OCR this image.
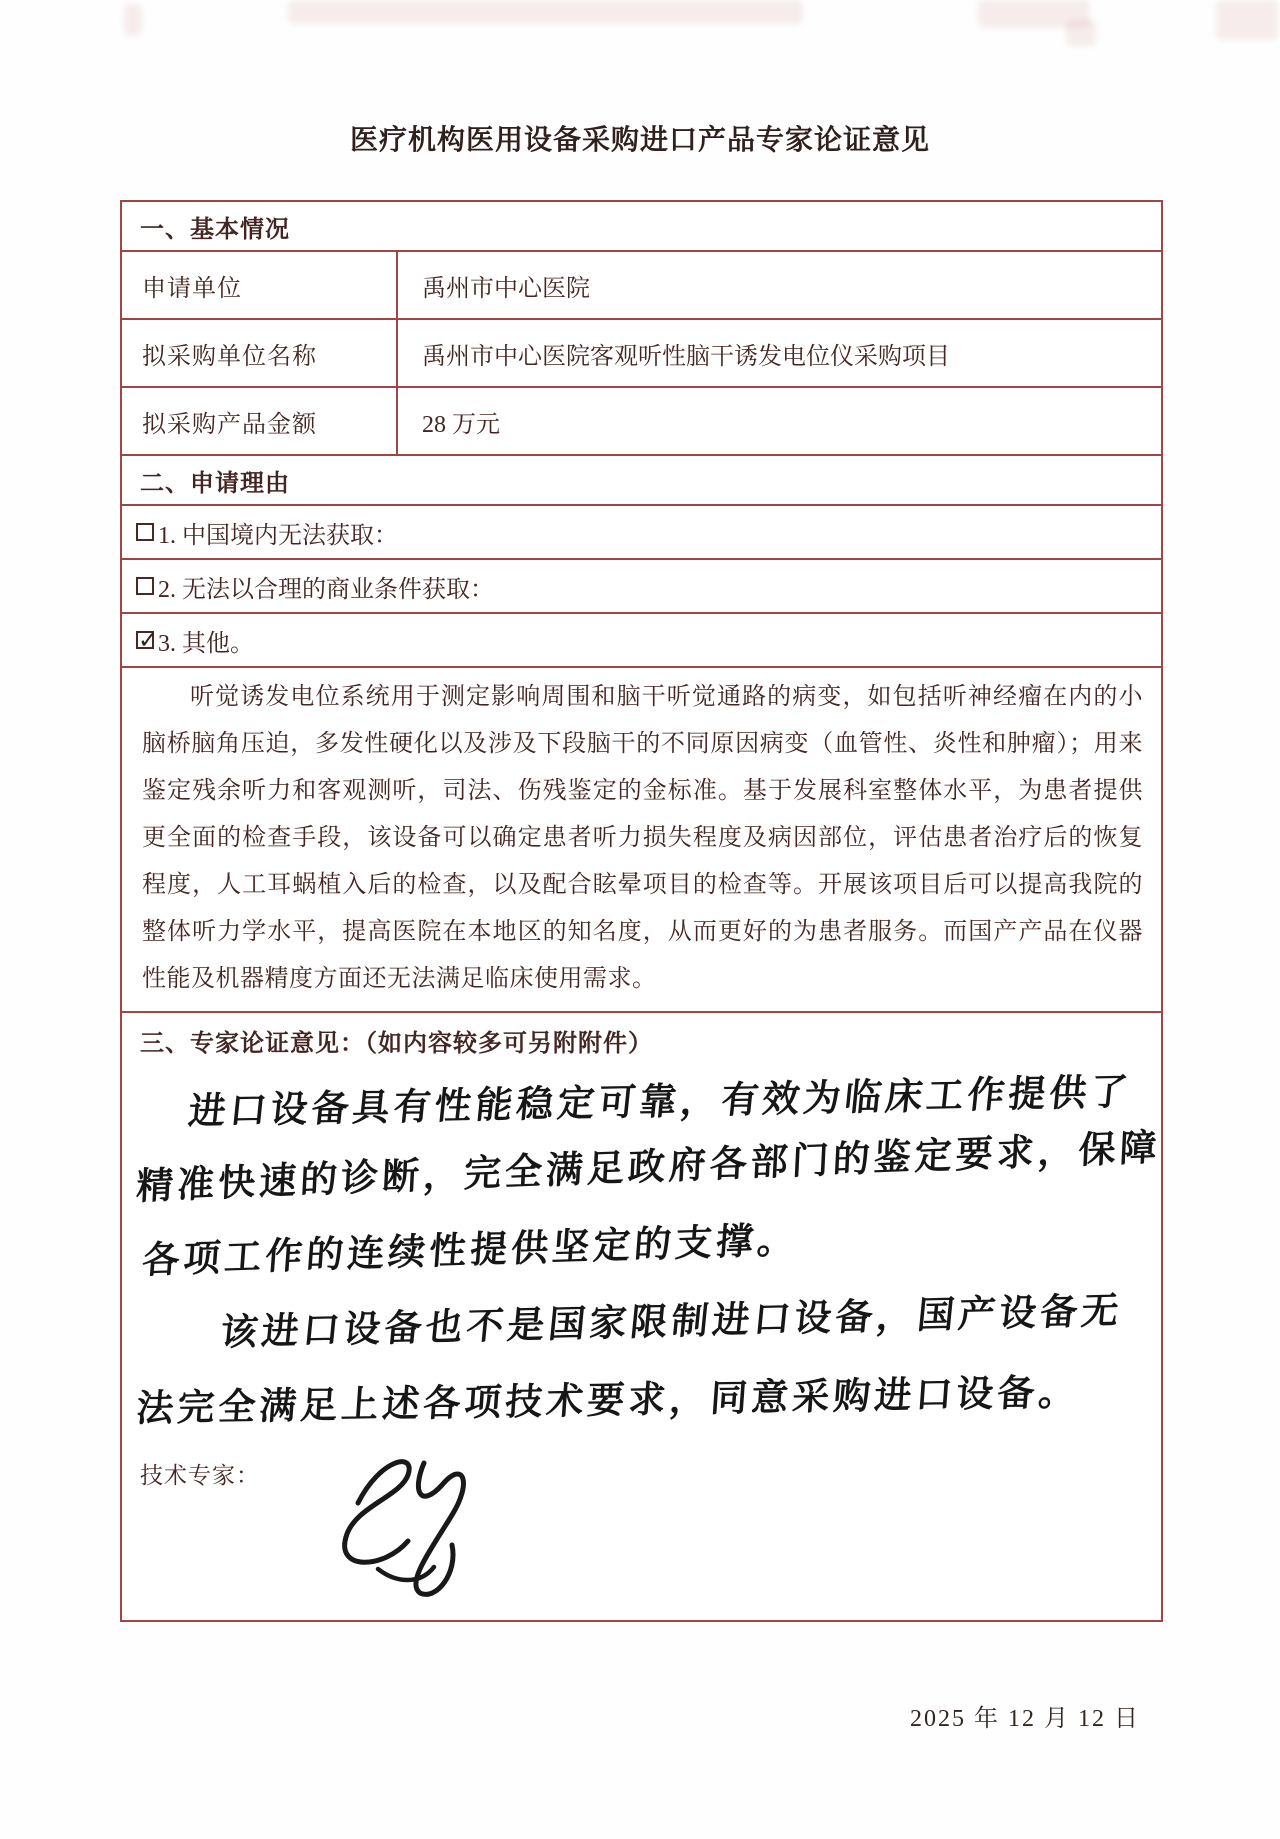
医疗机构医用设备采购进口产品专家论证意见
一、基本情况
申请单位	禹州市中心医院
拟采购单位名称	禹州市中心医院客观听性脑干诱发电位仪采购项目
拟采购产品金额	28 万元
二、申请理由
1. 中国境内无法获取：
2. 无法以合理的商业条件获取：
✓
3. 其他。

听觉诱发电位系统用于测定影响周围和脑干听觉通路的病变，如包括听神经瘤在内的小脑桥脑角压迫，多发性硬化以及涉及下段脑干的不同原因病变（血管性、炎性和肿瘤）；用来鉴定残余听力和客观测听，司法、伤残鉴定的金标准。基于发展科室整体水平，为患者提供更全面的检查手段，该设备可以确定患者听力损失程度及病因部位，评估患者治疗后的恢复程度，人工耳蜗植入后的检查，以及配合眩晕项目的检查等。开展该项目后可以提高我院的整体听力学水平，提高医院在本地区的知名度，从而更好的为患者服务。而国产产品在仪器性能及机器精度方面还无法满足临床使用需求。

三、专家论证意见：（如内容较多可另附附件）
进口设备具有性能稳定可靠，有效为临床工作提供了
精准快速的诊断，完全满足政府各部门的鉴定要求，保障
各项工作的连续性提供坚定的支撑。
该进口设备也不是国家限制进口设备，国产设备无
法完全满足上述各项技术要求，同意采购进口设备。
技术专家：
2025 年 12 月 12 日
